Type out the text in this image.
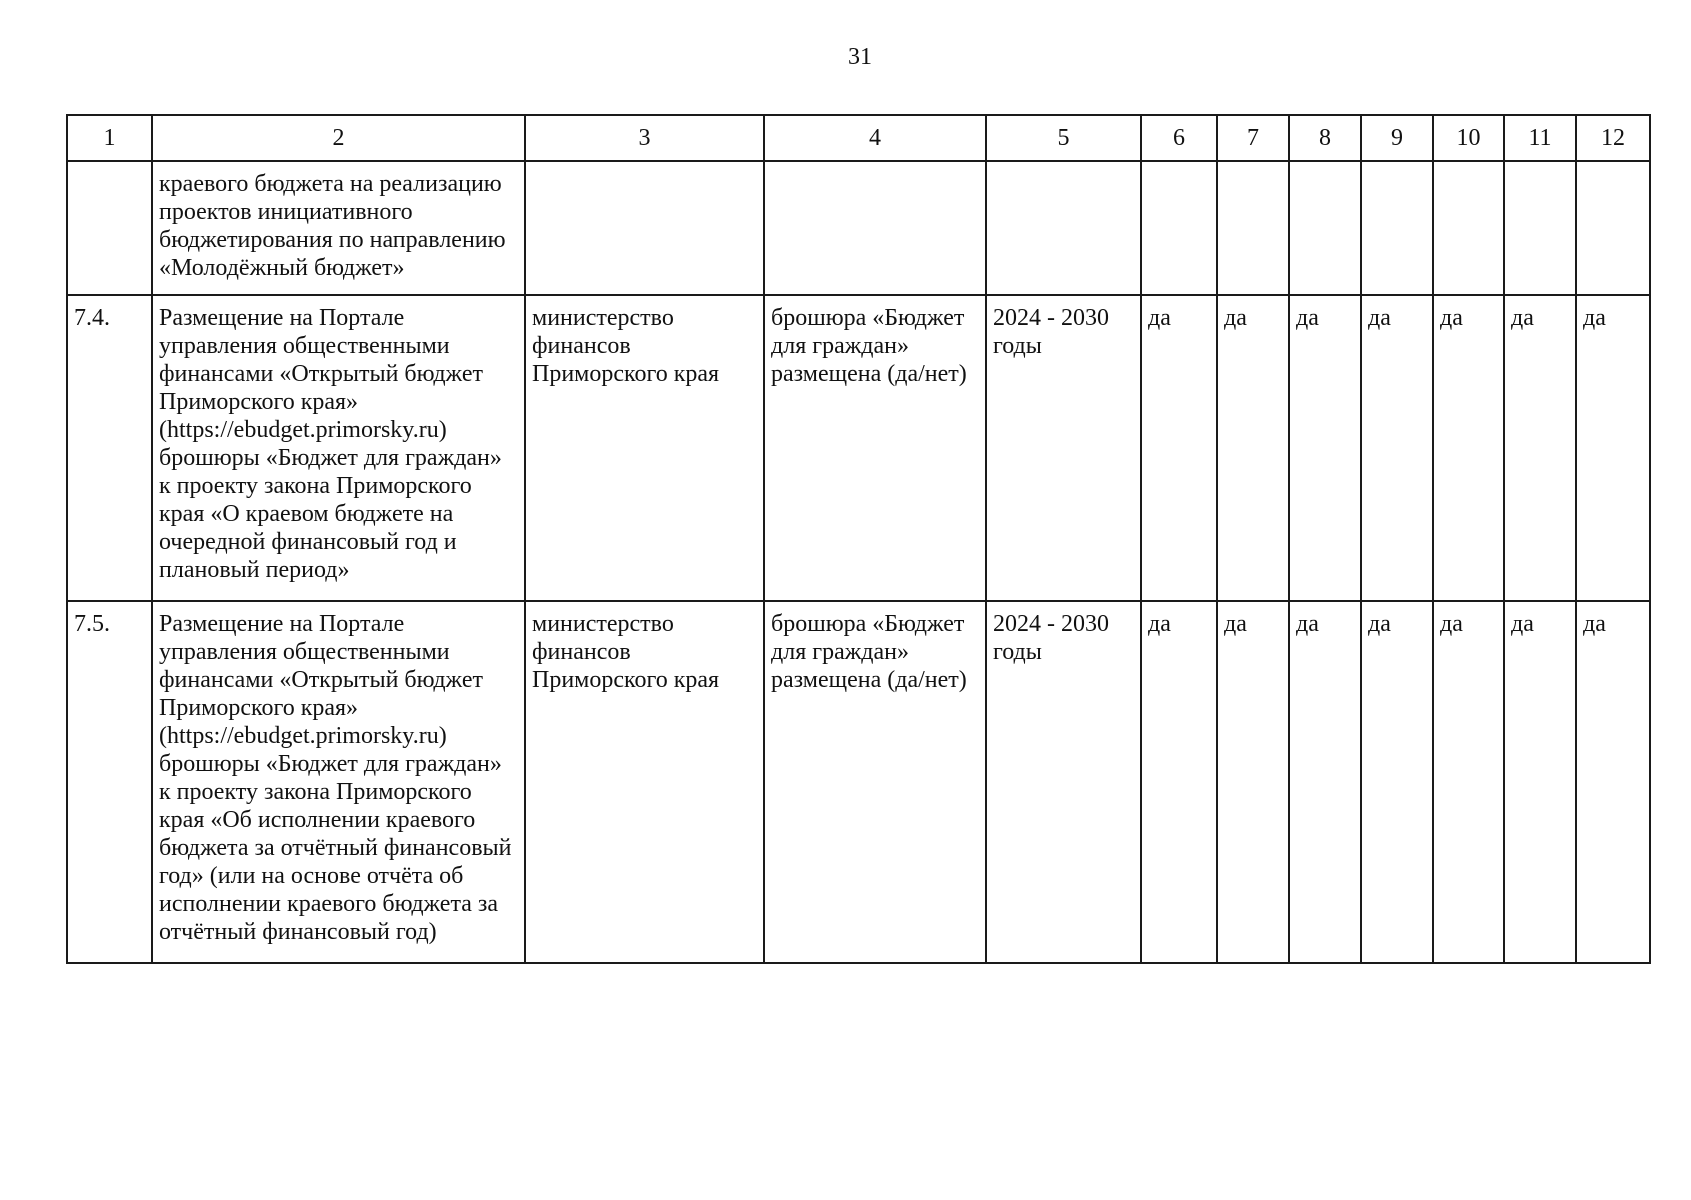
31
1	2	3	4	5	6	7	8	9	10	11	12
	краевого бюджета на реализацию проектов инициативного бюджетирования по направлению «Молодёжный бюджет»										
7.4.	Размещение на Портале управления общественными финансами «Открытый бюджет Приморского края» (https://ebudget.primorsky.ru) брошюры «Бюджет для граждан» к проекту закона Приморского края «О краевом бюджете на очередной финансовый год и плановый период»	министерство финансов Приморского края	брошюра «Бюджет для граждан» размещена (да/нет)	2024 - 2030 годы	да	да	да	да	да	да	да
7.5.	Размещение на Портале управления общественными финансами «Открытый бюджет Приморского края» (https://ebudget.primorsky.ru) брошюры «Бюджет для граждан» к проекту закона Приморского края «Об исполнении краевого бюджета за отчётный финансовый год» (или на основе отчёта об исполнении краевого бюджета за отчётный финансовый год)	министерство финансов Приморского края	брошюра «Бюджет для граждан» размещена (да/нет)	2024 - 2030 годы	да	да	да	да	да	да	да
